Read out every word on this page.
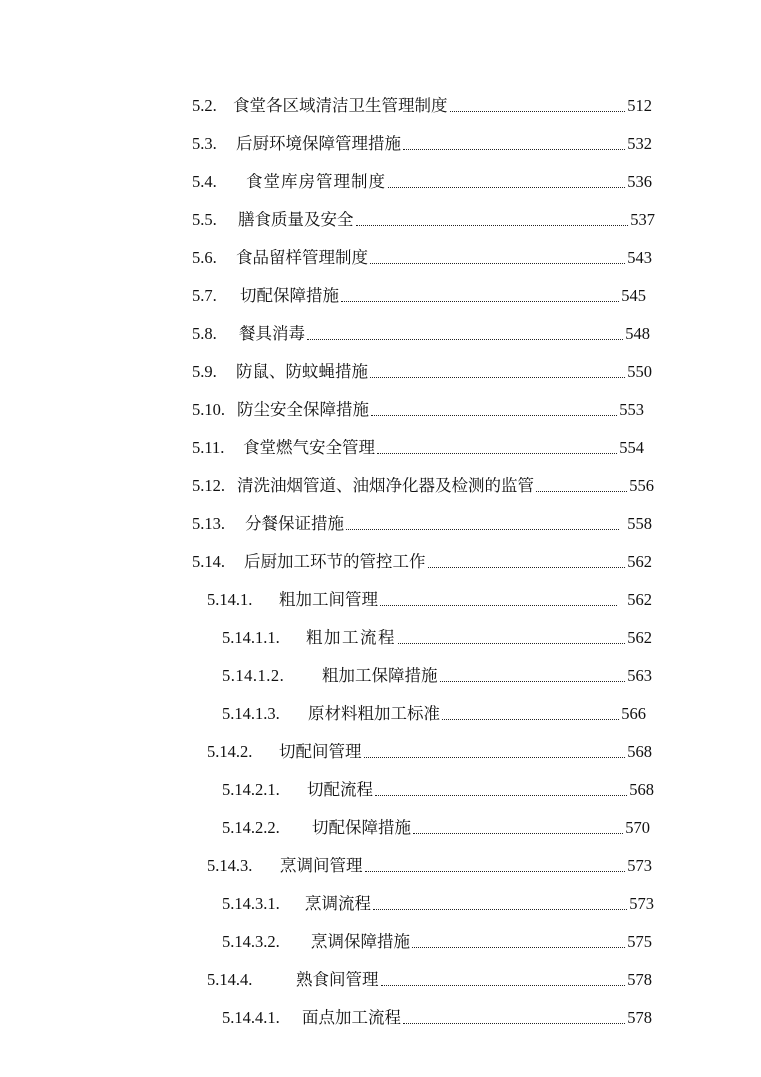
5.2. 食堂各区域清洁卫生管理制度	512
5.3.	后厨环境保障管理措施	532
5.4.	食堂库房管理制度	536
5.5.	膳食质量及安全	537
5.6.	食品留样管理制度	543
5.7.	切配保障措施	545
5.8.	餐具消毒	548
5.9.	防鼠、防蚊蝇措施	550
5.10. 防尘安全保障措施	553
5.11.	食堂燃气安全管理	554
5.12. 清洗油烟管道、油烟净化器及检测的监管	556
5.13.	分餐保证措施	558
5.14.	后厨加工环节的管控工作	562
5.14.1.	粗加工间管理	562
5.14.1.1.	粗加工流程	562
5.14.1.2.	粗加工保障措施	563
5.14.1.3.	原材料粗加工标准	566
5.14.2.	切配间管理	568
5.14.2.1.	切配流程	568
5.14.2.2.	切配保障措施	570
5.14.3.	烹调间管理	573
5.14.3.1.	烹调流程	573
5.14.3.2.	烹调保障措施	575
5.14.4.	熟食间管理	578
5.14.4.1.	面点加工流程	578
